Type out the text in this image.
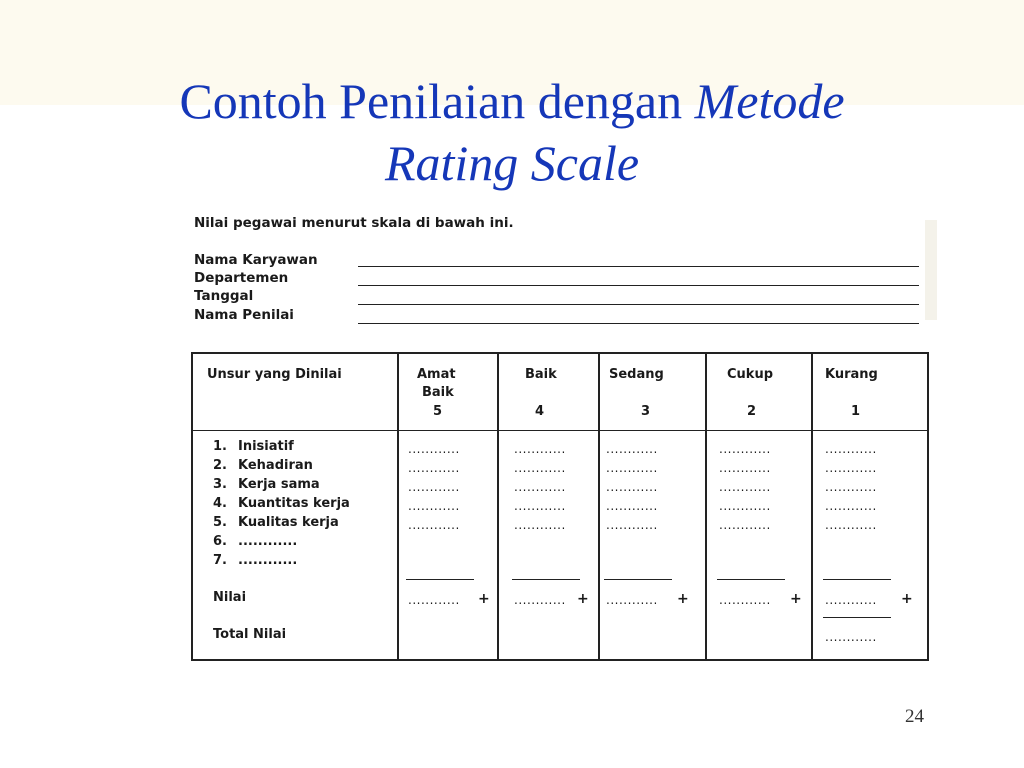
Contoh Penilaian dengan Metode
Rating Scale
Nilai pegawai menurut skala di bawah ini.
Nama Karyawan
Departemen
Tanggal
Nama Penilai
Unsur yang Dinilai	Amat
Baik
5
Baik
4
Sedang
3
Cukup
2
Kurang
1
1. Inisiatif
2. Kehadiran
3. Kerja sama
4. Kuantitas kerja
5. Kualitas kerja
6. ............
7. ............
Nilai
Total Nilai
............
............
............
............
............
............ +
............
............
............
............
............
............ +
............
............
............
............
............
............ +
............
............
............
............
............
............ +
............
............
............
............
............
............ +
............
24
